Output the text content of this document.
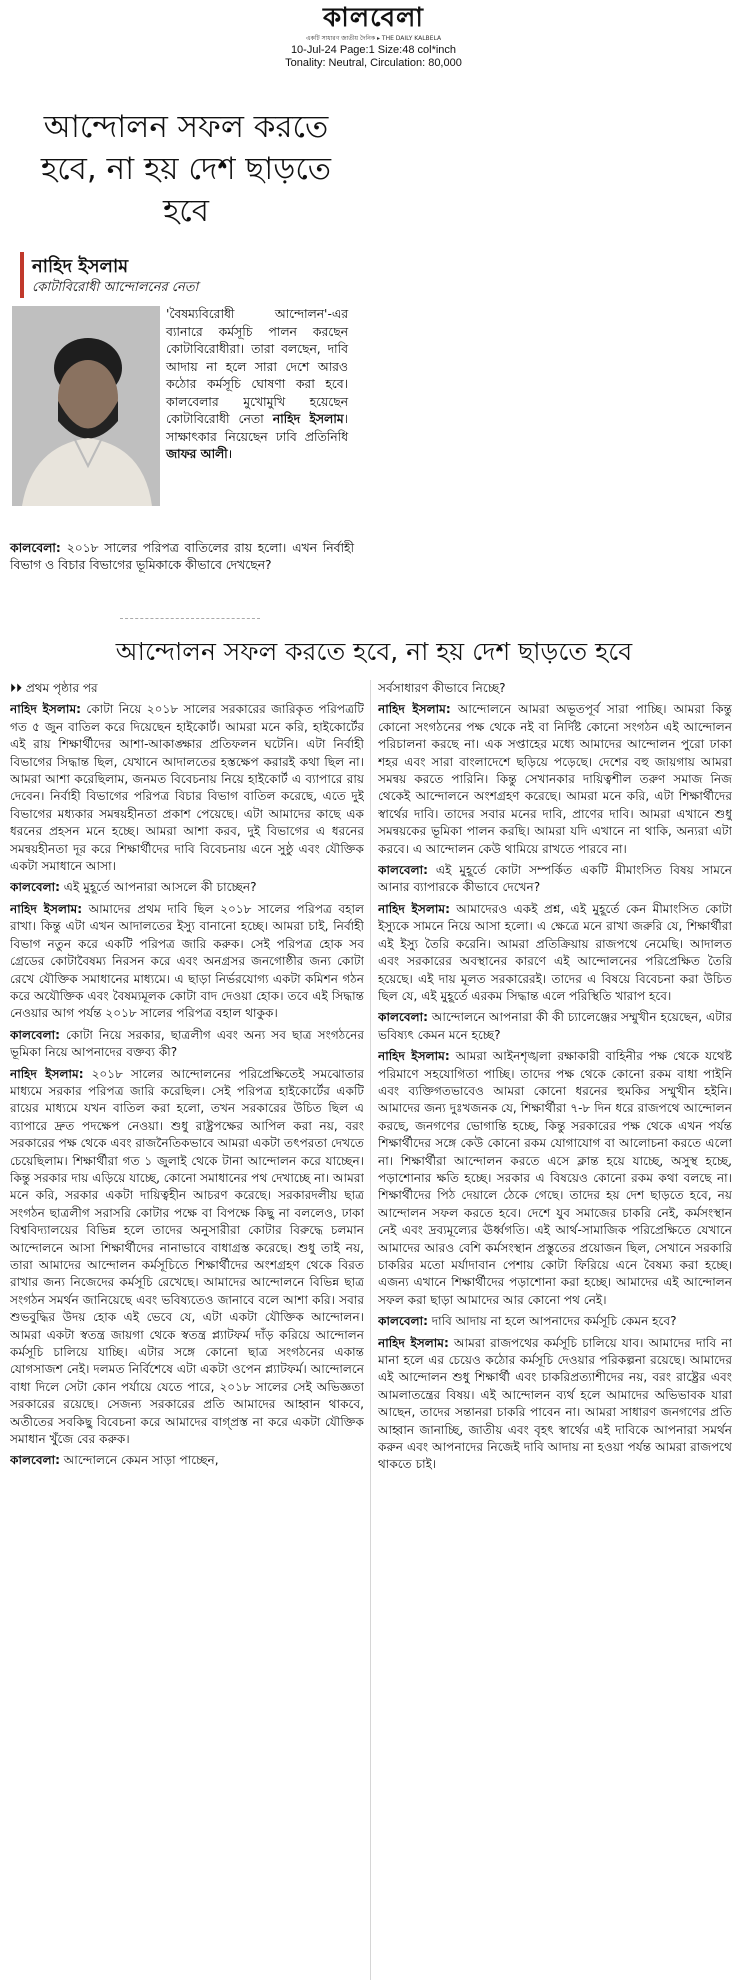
কালবেলা
একটি সাধারণ জাতীয় দৈনিক ▸ THE DAILY KALBELA
10-Jul-24 Page:1 Size:48 col*inch
Tonality: Neutral, Circulation: 80,000
আন্দোলন সফল করতে হবে, না হয় দেশ ছাড়তে হবে
নাহিদ ইসলাম
কোটাবিরোধী আন্দোলনের নেতা
'বৈষম্যবিরোধী আন্দোলন'-এর ব্যানারে কর্মসূচি পালন করছেন কোটাবিরোধীরা। তারা বলছেন, দাবি আদায় না হলে সারা দেশে আরও কঠোর কর্মসূচি ঘোষণা করা হবে। কালবেলার মুখোমুখি হয়েছেন কোটাবিরোধী নেতা নাহিদ ইসলাম। সাক্ষাৎকার নিয়েছেন ঢাবি প্রতিনিধি জাফর আলী।
কালবেলা: ২০১৮ সালের পরিপত্র বাতিলের রায় হলো। এখন নির্বাহী বিভাগ ও বিচার বিভাগের ভূমিকাকে কীভাবে দেখছেন?
আন্দোলন সফল করতে হবে, না হয় দেশ ছাড়তে হবে

⏵⏵ প্রথম পৃষ্ঠার পর

নাহিদ ইসলাম: কোটা নিয়ে ২০১৮ সালের সরকারের জারিকৃত পরিপত্রটি গত ৫ জুন বাতিল করে দিয়েছেন হাইকোর্ট। আমরা মনে করি, হাইকোর্টের এই রায় শিক্ষার্থীদের আশা-আকাঙ্ক্ষার প্রতিফলন ঘটেনি। এটা নির্বাহী বিভাগের সিদ্ধান্ত ছিল, যেখানে আদালতের হস্তক্ষেপ করারই কথা ছিল না। আমরা আশা করেছিলাম, জনমত বিবেচনায় নিয়ে হাইকোর্ট এ ব্যাপারে রায় দেবেন। নির্বাহী বিভাগের পরিপত্র বিচার বিভাগ বাতিল করেছে, এতে দুই বিভাগের মধ্যকার সমন্বয়হীনতা প্রকাশ পেয়েছে। এটা আমাদের কাছে এক ধরনের প্রহসন মনে হচ্ছে। আমরা আশা করব, দুই বিভাগের এ ধরনের সমন্বয়হীনতা দূর করে শিক্ষার্থীদের দাবি বিবেচনায় এনে সুষ্ঠু এবং যৌক্তিক একটা সমাধানে আসা।

কালবেলা: এই মুহূর্তে আপনারা আসলে কী চাচ্ছেন?

নাহিদ ইসলাম: আমাদের প্রথম দাবি ছিল ২০১৮ সালের পরিপত্র বহাল রাখা। কিন্তু এটা এখন আদালতের ইস্যু বানানো হচ্ছে। আমরা চাই, নির্বাহী বিভাগ নতুন করে একটি পরিপত্র জারি করুক। সেই পরিপত্র হোক সব গ্রেডের কোটাবৈষম্য নিরসন করে এবং অনগ্রসর জনগোষ্ঠীর জন্য কোটা রেখে যৌক্তিক সমাধানের মাধ্যমে। এ ছাড়া নির্ভরযোগ্য একটা কমিশন গঠন করে অযৌক্তিক এবং বৈষম্যমূলক কোটা বাদ দেওয়া হোক। তবে এই সিদ্ধান্ত নেওয়ার আগ পর্যন্ত ২০১৮ সালের পরিপত্র বহাল থাকুক।

কালবেলা: কোটা নিয়ে সরকার, ছাত্রলীগ এবং অন্য সব ছাত্র সংগঠনের ভূমিকা নিয়ে আপনাদের বক্তব্য কী?

নাহিদ ইসলাম: ২০১৮ সালের আন্দোলনের পরিপ্রেক্ষিতেই সমঝোতার মাধ্যমে সরকার পরিপত্র জারি করেছিল। সেই পরিপত্র হাইকোর্টের একটি রায়ের মাধ্যমে যখন বাতিল করা হলো, তখন সরকারের উচিত ছিল এ ব্যাপারে দ্রুত পদক্ষেপ নেওয়া। শুধু রাষ্ট্রপক্ষের আপিল করা নয়, বরং সরকারের পক্ষ থেকে এবং রাজনৈতিকভাবে আমরা একটা তৎপরতা দেখতে চেয়েছিলাম। শিক্ষার্থীরা গত ১ জুলাই থেকে টানা আন্দোলন করে যাচ্ছেন। কিন্তু সরকার দায় এড়িয়ে যাচ্ছে, কোনো সমাধানের পথ দেখাচ্ছে না। আমরা মনে করি, সরকার একটা দায়িত্বহীন আচরণ করেছে। সরকারদলীয় ছাত্র সংগঠন ছাত্রলীগ সরাসরি কোটার পক্ষে বা বিপক্ষে কিছু না বললেও, ঢাকা বিশ্ববিদ্যালয়ের বিভিন্ন হলে তাদের অনুসারীরা কোটার বিরুদ্ধে চলমান আন্দোলনে আসা শিক্ষার্থীদের নানাভাবে বাধাগ্রস্ত করেছে। শুধু তাই নয়, তারা আমাদের আন্দোলন কর্মসূচিতে শিক্ষার্থীদের অংশগ্রহণ থেকে বিরত রাখার জন্য নিজেদের কর্মসূচি রেখেছে। আমাদের আন্দোলনে বিভিন্ন ছাত্র সংগঠন সমর্থন জানিয়েছে এবং ভবিষ্যতেও জানাবে বলে আশা করি। সবার শুভবুদ্ধির উদয় হোক এই ভেবে যে, এটা একটা যৌক্তিক আন্দোলন। আমরা একটা স্বতন্ত্র জায়গা থেকে স্বতন্ত্র প্ল্যাটফর্ম দাঁড় করিয়ে আন্দোলন কর্মসূচি চালিয়ে যাচ্ছি। এটার সঙ্গে কোনো ছাত্র সংগঠনের একান্ত যোগসাজশ নেই। দলমত নির্বিশেষে এটা একটা ওপেন প্ল্যাটফর্ম। আন্দোলনে বাধা দিলে সেটা কোন পর্যায়ে যেতে পারে, ২০১৮ সালের সেই অভিজ্ঞতা সরকারের রয়েছে। সেজন্য সরকারের প্রতি আমাদের আহ্বান থাকবে, অতীতের সবকিছু বিবেচনা করে আমাদের বাগ্‌প্রস্ত না করে একটা যৌক্তিক সমাধান খুঁজে বের করুক।

কালবেলা: আন্দোলনে কেমন সাড়া পাচ্ছেন,

সর্বসাধারণ কীভাবে নিচ্ছে?

নাহিদ ইসলাম: আন্দোলনে আমরা অভূতপূর্ব সারা পাচ্ছি। আমরা কিন্তু কোনো সংগঠনের পক্ষ থেকে নই বা নির্দিষ্ট কোনো সংগঠন এই আন্দোলন পরিচালনা করছে না। এক সপ্তাহের মধ্যে আমাদের আন্দোলন পুরো ঢাকা শহর এবং সারা বাংলাদেশে ছড়িয়ে পড়েছে। দেশের বহু জায়গায় আমরা সমন্বয় করতে পারিনি। কিন্তু সেখানকার দায়িত্বশীল তরুণ সমাজ নিজ থেকেই আন্দোলনে অংশগ্রহণ করেছে। আমরা মনে করি, এটা শিক্ষার্থীদের স্বার্থের দাবি। তাদের সবার মনের দাবি, প্রাণের দাবি। আমরা এখানে শুধু সমন্বয়কের ভূমিকা পালন করছি। আমরা যদি এখানে না থাকি, অন্যরা এটা করবে। এ আন্দোলন কেউ থামিয়ে রাখতে পারবে না।

কালবেলা: এই মুহূর্তে কোটা সম্পর্কিত একটি মীমাংসিত বিষয় সামনে আনার ব্যাপারকে কীভাবে দেখেন?

নাহিদ ইসলাম: আমাদেরও একই প্রশ্ন, এই মুহূর্তে কেন মীমাংসিত কোটা ইস্যুকে সামনে নিয়ে আসা হলো। এ ক্ষেত্রে মনে রাখা জরুরি যে, শিক্ষার্থীরা এই ইস্যু তৈরি করেনি। আমরা প্রতিক্রিয়ায় রাজপথে নেমেছি। আদালত এবং সরকারের অবস্থানের কারণে এই আন্দোলনের পরিপ্রেক্ষিত তৈরি হয়েছে। এই দায় মূলত সরকারেরই। তাদের এ বিষয়ে বিবেচনা করা উচিত ছিল যে, এই মুহূর্তে এরকম সিদ্ধান্ত এলে পরিস্থিতি খারাপ হবে।

কালবেলা: আন্দোলনে আপনারা কী কী চ্যালেঞ্জের সম্মুখীন হয়েছেন, এটার ভবিষ্যৎ কেমন মনে হচ্ছে?

নাহিদ ইসলাম: আমরা আইনশৃঙ্খলা রক্ষাকারী বাহিনীর পক্ষ থেকে যথেষ্ট পরিমাণে সহযোগিতা পাচ্ছি। তাদের পক্ষ থেকে কোনো রকম বাধা পাইনি এবং ব্যক্তিগতভাবেও আমরা কোনো ধরনের হুমকির সম্মুখীন হইনি। আমাদের জন্য দুঃখজনক যে, শিক্ষার্থীরা ৭-৮ দিন ধরে রাজপথে আন্দোলন করছে, জনগণের ভোগান্তি হচ্ছে, কিন্তু সরকারের পক্ষ থেকে এখন পর্যন্ত শিক্ষার্থীদের সঙ্গে কেউ কোনো রকম যোগাযোগ বা আলোচনা করতে এলো না। শিক্ষার্থীরা আন্দোলন করতে এসে ক্লান্ত হয়ে যাচ্ছে, অসুস্থ হচ্ছে, পড়াশোনার ক্ষতি হচ্ছে। সরকার এ বিষয়েও কোনো রকম কথা বলছে না। শিক্ষার্থীদের পিঠ দেয়ালে ঠেকে গেছে। তাদের হয় দেশ ছাড়তে হবে, নয় আন্দোলন সফল করতে হবে। দেশে যুব সমাজের চাকরি নেই, কর্মসংস্থান নেই এবং দ্রব্যমূল্যের ঊর্ধ্বগতি। এই আর্থ-সামাজিক পরিপ্রেক্ষিতে যেখানে আমাদের আরও বেশি কর্মসংস্থান প্রস্তুতের প্রয়োজন ছিল, সেখানে সরকারি চাকরির মতো মর্যাদাবান পেশায় কোটা ফিরিয়ে এনে বৈষম্য করা হচ্ছে। এজন্য এখানে শিক্ষার্থীদের পড়াশোনা করা হচ্ছে। আমাদের এই আন্দোলন সফল করা ছাড়া আমাদের আর কোনো পথ নেই।

কালবেলা: দাবি আদায় না হলে আপনাদের কর্মসূচি কেমন হবে?

নাহিদ ইসলাম: আমরা রাজপথের কর্মসূচি চালিয়ে যাব। আমাদের দাবি না মানা হলে এর চেয়েও কঠোর কর্মসূচি দেওয়ার পরিকল্পনা রয়েছে। আমাদের এই আন্দোলন শুধু শিক্ষার্থী এবং চাকরিপ্রত্যাশীদের নয়, বরং রাষ্ট্রের এবং আমলাতন্ত্রের বিষয়। এই আন্দোলন ব্যর্থ হলে আমাদের অভিভাবক যারা আছেন, তাদের সন্তানরা চাকরি পাবেন না। আমরা সাধারণ জনগণের প্রতি আহ্বান জানাচ্ছি, জাতীয় এবং বৃহৎ স্বার্থের এই দাবিকে আপনারা সমর্থন করুন এবং আপনাদের নিজেই দাবি আদায় না হওয়া পর্যন্ত আমরা রাজপথে থাকতে চাই।
